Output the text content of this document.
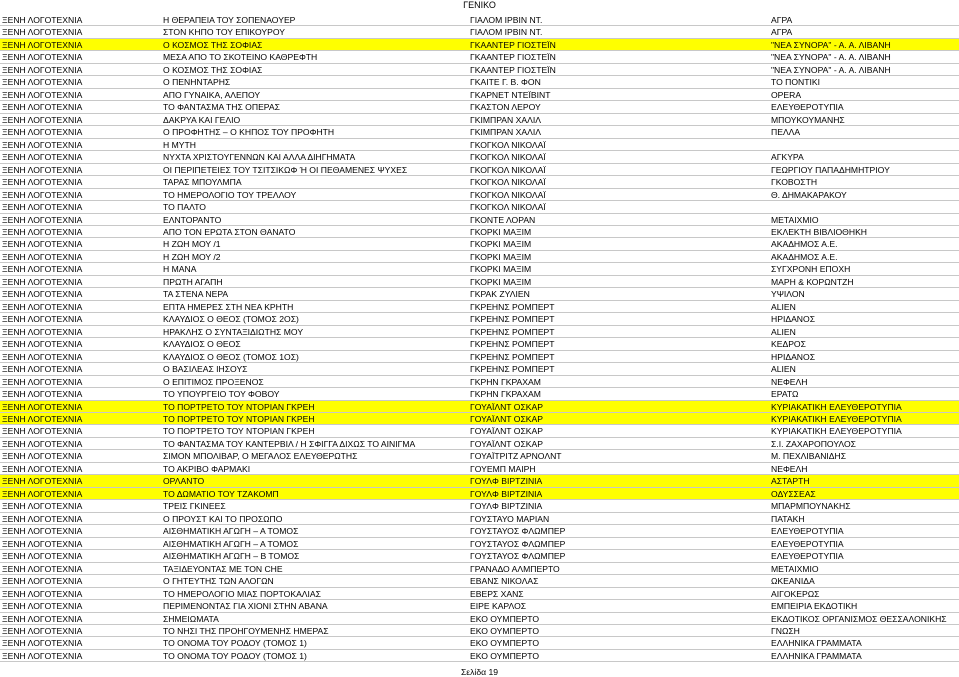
ΓΕΝΙΚΟ
ΞΕΝΗ ΛΟΓΟΤΕΧΝΙΑ	Η ΘΕΡΑΠΕΙΑ ΤΟΥ ΣΟΠΕΝΑΟΥΕΡ	ΓΙΑΛΟΜ ΙΡΒΙΝ ΝΤ.	ΑΓΡΑ
ΞΕΝΗ ΛΟΓΟΤΕΧΝΙΑ	ΣΤΟΝ ΚΗΠΟ ΤΟΥ ΕΠΙΚΟΥΡΟΥ	ΓΙΑΛΟΜ ΙΡΒΙΝ ΝΤ.	ΑΓΡΑ
ΞΕΝΗ ΛΟΓΟΤΕΧΝΙΑ	Ο ΚΟΣΜΟΣ ΤΗΣ ΣΟΦΙΑΣ	ΓΚΑΑΝΤΕΡ ΓΙΟΣΤΕΪΝ	"ΝΕΑ ΣΥΝΟΡΑ" - Α. Α. ΛΙΒΑΝΗ
ΞΕΝΗ ΛΟΓΟΤΕΧΝΙΑ	ΜΕΣΑ ΑΠΟ ΤΟ ΣΚΟΤΕΙΝΟ ΚΑΘΡΕΦΤΗ	ΓΚΑΑΝΤΕΡ ΓΙΟΣΤΕΪΝ	"ΝΕΑ ΣΥΝΟΡΑ" - Α. Α. ΛΙΒΑΝΗ
ΞΕΝΗ ΛΟΓΟΤΕΧΝΙΑ	Ο ΚΟΣΜΟΣ ΤΗΣ ΣΟΦΙΑΣ	ΓΚΑΑΝΤΕΡ ΓΙΟΣΤΕΪΝ	"ΝΕΑ ΣΥΝΟΡΑ" - Α. Α. ΛΙΒΑΝΗ
ΞΕΝΗ ΛΟΓΟΤΕΧΝΙΑ	Ο ΠΕΝΗΝΤΑΡΗΣ	ΓΚΑΙΤΕ Γ. Β. ΦΟΝ	ΤΟ ΠΟΝΤΙΚΙ
ΞΕΝΗ ΛΟΓΟΤΕΧΝΙΑ	ΑΠΟ ΓΥΝΑΙΚΑ, ΑΛΕΠΟΥ	ΓΚΑΡΝΕΤ ΝΤΕΪΒΙΝΤ	OPERA
ΞΕΝΗ ΛΟΓΟΤΕΧΝΙΑ	ΤΟ ΦΑΝΤΑΣΜΑ ΤΗΣ ΟΠΕΡΑΣ	ΓΚΑΣΤΟΝ ΛΕΡΟΥ	ΕΛΕΥΘΕΡΟΤΥΠΙΑ
ΞΕΝΗ ΛΟΓΟΤΕΧΝΙΑ	ΔΑΚΡΥΑ ΚΑΙ ΓΕΛΙΟ	ΓΚΙΜΠΡΑΝ ΧΑΛΙΛ	ΜΠΟΥΚΟΥΜΑΝΗΣ
ΞΕΝΗ ΛΟΓΟΤΕΧΝΙΑ	Ο ΠΡΟΦΗΤΗΣ – Ο ΚΗΠΟΣ ΤΟΥ ΠΡΟΦΗΤΗ	ΓΚΙΜΠΡΑΝ ΧΑΛΙΛ	ΠΕΛΛΑ
ΞΕΝΗ ΛΟΓΟΤΕΧΝΙΑ	Η ΜΥΤΗ	ΓΚΟΓΚΟΛ ΝΙΚΟΛΑΪ
ΞΕΝΗ ΛΟΓΟΤΕΧΝΙΑ	ΝΥΧΤΑ ΧΡΙΣΤΟΥΓΕΝΝΩΝ ΚΑΙ ΑΛΛΑ ΔΙΗΓΗΜΑΤΑ	ΓΚΟΓΚΟΛ ΝΙΚΟΛΑΪ	ΑΓΚΥΡΑ
ΞΕΝΗ ΛΟΓΟΤΕΧΝΙΑ	ΟΙ ΠΕΡΙΠΕΤΕΙΕΣ ΤΟΥ ΤΣΙΤΣΙΚΩΦ Ή ΟΙ ΠΕΘΑΜΕΝΕΣ ΨΥΧΕΣ	ΓΚΟΓΚΟΛ ΝΙΚΟΛΑΪ	ΓΕΩΡΓΙΟΥ ΠΑΠΑΔΗΜΗΤΡΙΟΥ
ΞΕΝΗ ΛΟΓΟΤΕΧΝΙΑ	ΤΑΡΑΣ ΜΠΟΥΛΜΠΑ	ΓΚΟΓΚΟΛ ΝΙΚΟΛΑΪ	ΓΚΟΒΟΣΤΗ
ΞΕΝΗ ΛΟΓΟΤΕΧΝΙΑ	ΤΟ ΗΜΕΡΟΛΟΓΙΟ ΤΟΥ ΤΡΕΛΛΟΥ	ΓΚΟΓΚΟΛ ΝΙΚΟΛΑΪ	Θ. ΔΗΜΑΚΑΡΑΚΟΥ
ΞΕΝΗ ΛΟΓΟΤΕΧΝΙΑ	ΤΟ ΠΑΛΤΟ	ΓΚΟΓΚΟΛ ΝΙΚΟΛΑΪ
ΞΕΝΗ ΛΟΓΟΤΕΧΝΙΑ	ΕΛΝΤΟΡΑΝΤΟ	ΓΚΟΝΤΕ ΛΟΡΑΝ	ΜΕΤΑΙΧΜΙΟ
ΞΕΝΗ ΛΟΓΟΤΕΧΝΙΑ	ΑΠΟ ΤΟΝ ΕΡΩΤΑ ΣΤΟΝ ΘΑΝΑΤΟ	ΓΚΟΡΚΙ ΜΑΞΙΜ	ΕΚΛΕΚΤΗ ΒΙΒΛΙΟΘΗΚΗ
ΞΕΝΗ ΛΟΓΟΤΕΧΝΙΑ	Η ΖΩΗ ΜΟΥ /1	ΓΚΟΡΚΙ ΜΑΞΙΜ	ΑΚΑΔΗΜΟΣ Α.Ε.
ΞΕΝΗ ΛΟΓΟΤΕΧΝΙΑ	Η ΖΩΗ ΜΟΥ /2	ΓΚΟΡΚΙ ΜΑΞΙΜ	ΑΚΑΔΗΜΟΣ Α.Ε.
ΞΕΝΗ ΛΟΓΟΤΕΧΝΙΑ	Η ΜΑΝΑ	ΓΚΟΡΚΙ ΜΑΞΙΜ	ΣΥΓΧΡΟΝΗ ΕΠΟΧΗ
ΞΕΝΗ ΛΟΓΟΤΕΧΝΙΑ	ΠΡΩΤΗ ΑΓΑΠΗ	ΓΚΟΡΚΙ ΜΑΞΙΜ	ΜΑΡΗ & ΚΟΡΩΝΤΖΗ
ΞΕΝΗ ΛΟΓΟΤΕΧΝΙΑ	ΤΑ ΣΤΕΝΑ ΝΕΡΑ	ΓΚΡΑΚ ΖΥΛΙΕΝ	ΥΨΙΛΟΝ
ΞΕΝΗ ΛΟΓΟΤΕΧΝΙΑ	ΕΠΤΑ ΗΜΕΡΕΣ ΣΤΗ ΝΕΑ ΚΡΗΤΗ	ΓΚΡΕΗΝΣ ΡΟΜΠΕΡΤ	ALIEN
ΞΕΝΗ ΛΟΓΟΤΕΧΝΙΑ	ΚΛΑΥΔΙΟΣ Ο ΘΕΟΣ (ΤΟΜΟΣ 2ΟΣ)	ΓΚΡΕΗΝΣ ΡΟΜΠΕΡΤ	ΗΡΙΔΑΝΟΣ
ΞΕΝΗ ΛΟΓΟΤΕΧΝΙΑ	ΗΡΑΚΛΗΣ Ο ΣΥΝΤΑΞΙΔΙΩΤΗΣ ΜΟΥ	ΓΚΡΕΗΝΣ ΡΟΜΠΕΡΤ	ALIEN
ΞΕΝΗ ΛΟΓΟΤΕΧΝΙΑ	ΚΛΑΥΔΙΟΣ Ο ΘΕΟΣ	ΓΚΡΕΗΝΣ ΡΟΜΠΕΡΤ	ΚΕΔΡΟΣ
ΞΕΝΗ ΛΟΓΟΤΕΧΝΙΑ	ΚΛΑΥΔΙΟΣ Ο ΘΕΟΣ (ΤΟΜΟΣ 1ΟΣ)	ΓΚΡΕΗΝΣ ΡΟΜΠΕΡΤ	ΗΡΙΔΑΝΟΣ
ΞΕΝΗ ΛΟΓΟΤΕΧΝΙΑ	Ο ΒΑΣΙΛΕΑΣ ΙΗΣΟΥΣ	ΓΚΡΕΗΝΣ ΡΟΜΠΕΡΤ	ALIEN
ΞΕΝΗ ΛΟΓΟΤΕΧΝΙΑ	Ο ΕΠΙΤΙΜΟΣ ΠΡΟΞΕΝΟΣ	ΓΚΡΗΝ ΓΚΡΑΧΑΜ	ΝΕΦΕΛΗ
ΞΕΝΗ ΛΟΓΟΤΕΧΝΙΑ	ΤΟ ΥΠΟΥΡΓΕΙΟ ΤΟΥ ΦΟΒΟΥ	ΓΚΡΗΝ ΓΚΡΑΧΑΜ	ΕΡΑΤΩ
ΞΕΝΗ ΛΟΓΟΤΕΧΝΙΑ	ΤΟ ΠΟΡΤΡΕΤΟ ΤΟΥ ΝΤΟΡΙΑΝ ΓΚΡΕΗ	ΓΟΥΑΪΛΝΤ ΟΣΚΑΡ	ΚΥΡΙΑΚΑΤΙΚΗ ΕΛΕΥΘΕΡΟΤΥΠΙΑ
ΞΕΝΗ ΛΟΓΟΤΕΧΝΙΑ	ΤΟ ΠΟΡΤΡΕΤΟ ΤΟΥ ΝΤΟΡΙΑΝ ΓΚΡΕΗ	ΓΟΥΑΪΛΝΤ ΟΣΚΑΡ	ΚΥΡΙΑΚΑΤΙΚΗ ΕΛΕΥΘΕΡΟΤΥΠΙΑ
ΞΕΝΗ ΛΟΓΟΤΕΧΝΙΑ	ΤΟ ΠΟΡΤΡΕΤΟ ΤΟΥ ΝΤΟΡΙΑΝ ΓΚΡΕΗ	ΓΟΥΑΪΛΝΤ ΟΣΚΑΡ	ΚΥΡΙΑΚΑΤΙΚΗ ΕΛΕΥΘΕΡΟΤΥΠΙΑ
ΞΕΝΗ ΛΟΓΟΤΕΧΝΙΑ	ΤΟ ΦΑΝΤΑΣΜΑ ΤΟΥ ΚΑΝΤΕΡΒΙΛ / Η ΣΦΙΓΓΑ ΔΙΧΩΣ ΤΟ ΑΙΝΙΓΜΑ	ΓΟΥΑΪΛΝΤ ΟΣΚΑΡ	Σ.Ι. ΖΑΧΑΡΟΠΟΥΛΟΣ
ΞΕΝΗ ΛΟΓΟΤΕΧΝΙΑ	ΣΙΜΟΝ ΜΠΟΛΙΒΑΡ, Ο ΜΕΓΑΛΟΣ ΕΛΕΥΘΕΡΩΤΗΣ	ΓΟΥΑΪΤΡΙΤΖ ΑΡΝΟΛΝΤ	Μ. ΠΕΧΛΙΒΑΝΙΔΗΣ
ΞΕΝΗ ΛΟΓΟΤΕΧΝΙΑ	ΤΟ ΑΚΡΙΒΟ ΦΑΡΜΑΚΙ	ΓΟΥΕΜΠ ΜΑΙΡΗ	ΝΕΦΕΛΗ
ΞΕΝΗ ΛΟΓΟΤΕΧΝΙΑ	ΟΡΛΑΝΤΟ	ΓΟΥΛΦ ΒΙΡΤΖΙΝΙΑ	ΑΣΤΑΡΤΗ
ΞΕΝΗ ΛΟΓΟΤΕΧΝΙΑ	ΤΟ ΔΩΜΑΤΙΟ ΤΟΥ ΤΖΑΚΟΜΠ	ΓΟΥΛΦ ΒΙΡΤΖΙΝΙΑ	ΟΔΥΣΣΕΑΣ
ΞΕΝΗ ΛΟΓΟΤΕΧΝΙΑ	ΤΡΕΙΣ ΓΚΙΝΕΕΣ	ΓΟΥΛΦ ΒΙΡΤΖΙΝΙΑ	ΜΠΑΡΜΠΟΥΝΑΚΗΣ
ΞΕΝΗ ΛΟΓΟΤΕΧΝΙΑ	Ο ΠΡΟΥΣΤ ΚΑΙ ΤΟ ΠΡΟΣΩΠΟ	ΓΟΥΣΤΑΥΟ ΜΑΡΙΑΝ	ΠΑΤΑΚΗ
ΞΕΝΗ ΛΟΓΟΤΕΧΝΙΑ	ΑΙΣΘΗΜΑΤΙΚΗ ΑΓΩΓΗ – Α ΤΟΜΟΣ	ΓΟΥΣΤΑΥΟΣ ΦΛΩΜΠΕΡ	ΕΛΕΥΘΕΡΟΤΥΠΙΑ
ΞΕΝΗ ΛΟΓΟΤΕΧΝΙΑ	ΑΙΣΘΗΜΑΤΙΚΗ ΑΓΩΓΗ – Α ΤΟΜΟΣ	ΓΟΥΣΤΑΥΟΣ ΦΛΩΜΠΕΡ	ΕΛΕΥΘΕΡΟΤΥΠΙΑ
ΞΕΝΗ ΛΟΓΟΤΕΧΝΙΑ	ΑΙΣΘΗΜΑΤΙΚΗ ΑΓΩΓΗ – Β ΤΟΜΟΣ	ΓΟΥΣΤΑΥΟΣ ΦΛΩΜΠΕΡ	ΕΛΕΥΘΕΡΟΤΥΠΙΑ
ΞΕΝΗ ΛΟΓΟΤΕΧΝΙΑ	ΤΑΞΙΔΕΥΟΝΤΑΣ ΜΕ ΤΟΝ CHE	ΓΡΑΝΑΔΟ ΑΛΜΠΕΡΤΟ	ΜΕΤΑΙΧΜΙΟ
ΞΕΝΗ ΛΟΓΟΤΕΧΝΙΑ	Ο ΓΗΤΕΥΤΗΣ ΤΩΝ ΑΛΟΓΩΝ	ΕΒΑΝΣ ΝΙΚΟΛΑΣ	ΩΚΕΑΝΙΔΑ
ΞΕΝΗ ΛΟΓΟΤΕΧΝΙΑ	ΤΟ ΗΜΕΡΟΛΟΓΙΟ ΜΙΑΣ ΠΟΡΤΟΚΑΛΙΑΣ	ΕΒΕΡΣ ΧΑΝΣ	ΑΙΓΟΚΕΡΩΣ
ΞΕΝΗ ΛΟΓΟΤΕΧΝΙΑ	ΠΕΡΙΜΕΝΟΝΤΑΣ ΓΙΑ ΧΙΟΝΙ ΣΤΗΝ ΑΒΑΝΑ	ΕΙΡΕ ΚΑΡΛΟΣ	ΕΜΠΕΙΡΙΑ ΕΚΔΟΤΙΚΗ
ΞΕΝΗ ΛΟΓΟΤΕΧΝΙΑ	ΣΗΜΕΙΩΜΑΤΑ	ΕΚΟ ΟΥΜΠΕΡΤΟ	ΕΚΔΟΤΙΚΟΣ ΟΡΓΑΝΙΣΜΟΣ ΘΕΣΣΑΛΟΝΙΚΗΣ
ΞΕΝΗ ΛΟΓΟΤΕΧΝΙΑ	ΤΟ ΝΗΣΙ ΤΗΣ ΠΡΟΗΓΟΥΜΕΝΗΣ ΗΜΕΡΑΣ	ΕΚΟ ΟΥΜΠΕΡΤΟ	ΓΝΩΣΗ
ΞΕΝΗ ΛΟΓΟΤΕΧΝΙΑ	ΤΟ ΟΝΟΜΑ ΤΟΥ ΡΟΔΟΥ (ΤΟΜΟΣ 1)	ΕΚΟ ΟΥΜΠΕΡΤΟ	ΕΛΛΗΝΙΚΑ ΓΡΑΜΜΑΤΑ
ΞΕΝΗ ΛΟΓΟΤΕΧΝΙΑ	ΤΟ ΟΝΟΜΑ ΤΟΥ ΡΟΔΟΥ (ΤΟΜΟΣ 1)	ΕΚΟ ΟΥΜΠΕΡΤΟ	ΕΛΛΗΝΙΚΑ ΓΡΑΜΜΑΤΑ
Σελίδα 19
